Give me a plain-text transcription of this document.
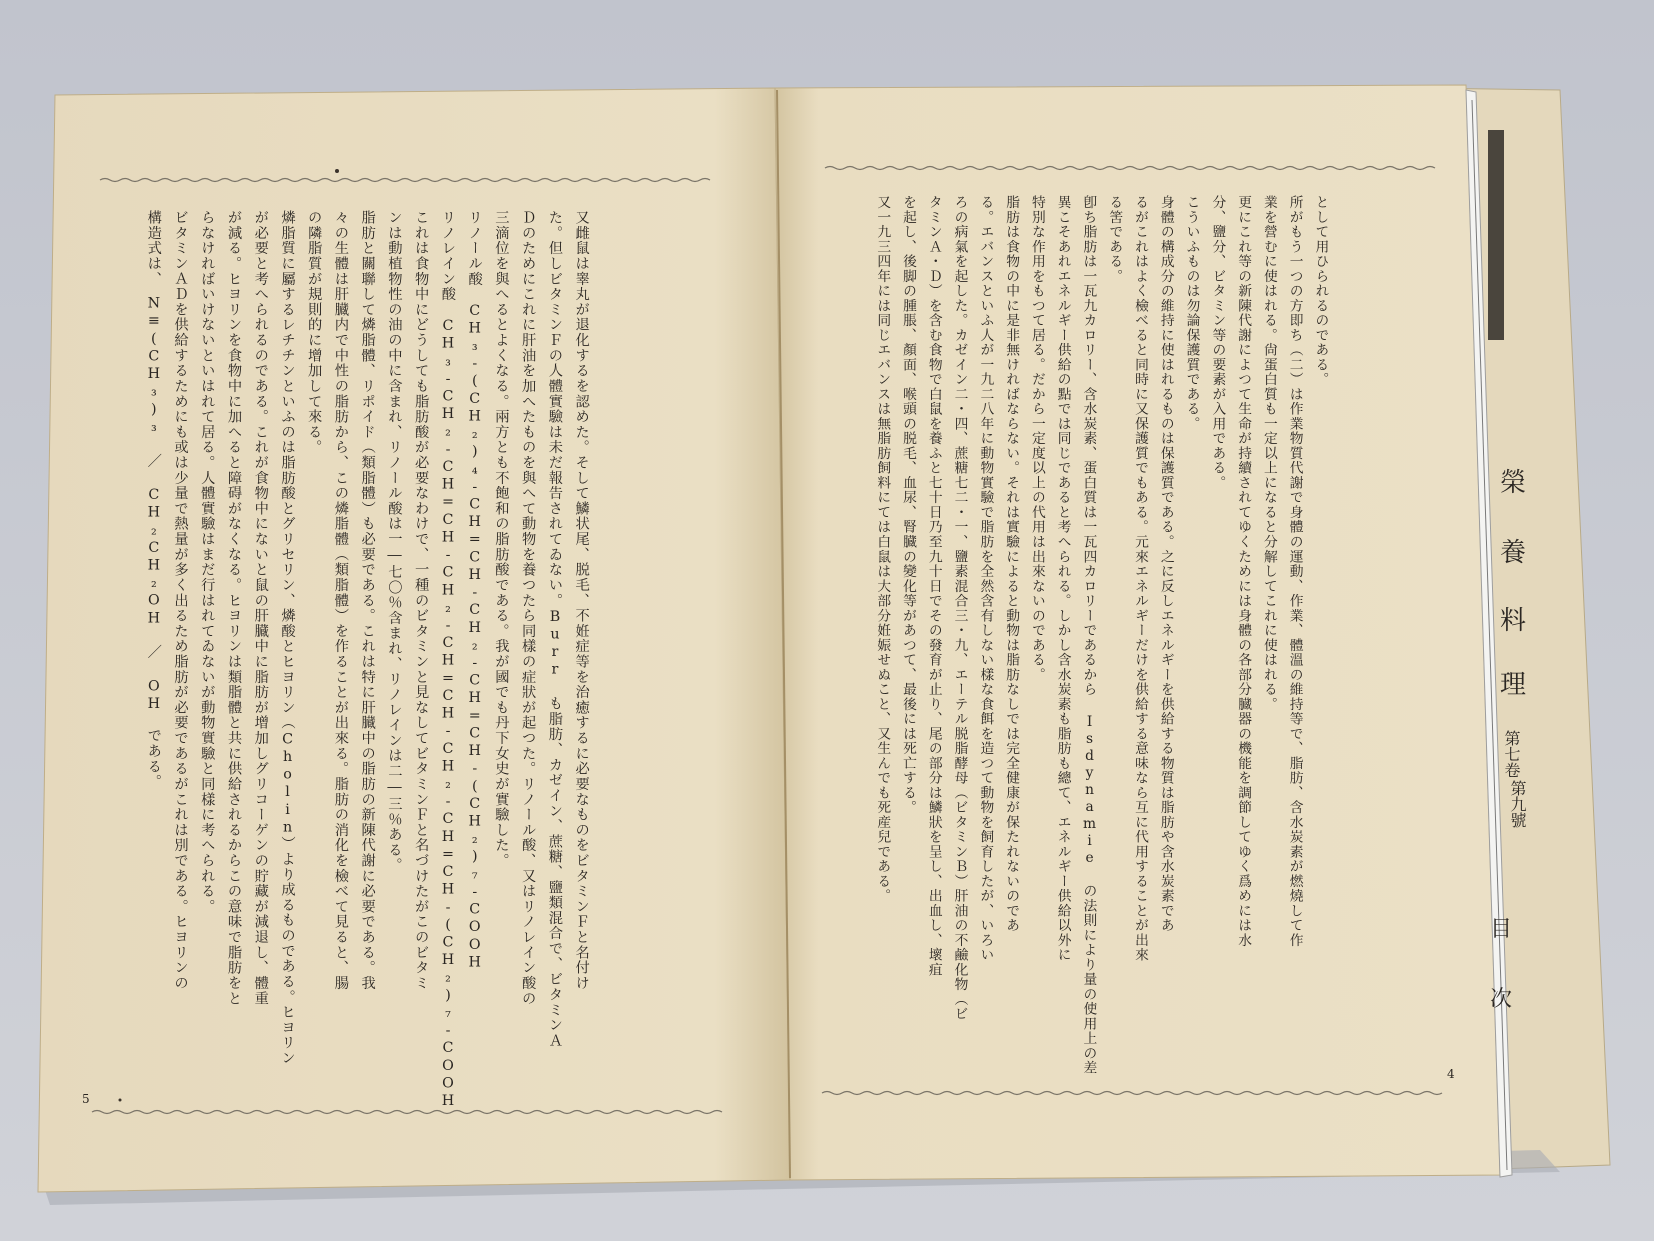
又雌鼠は睾丸が退化するを認めた。そして鱗状尾、脱毛、不姙症等を治癒するに必要なものをビタミンＦと名付け
た。但しビタミンＦの人體實驗は未だ報告されてゐない。Burr も脂肪、カゼイン、蔗糖、鹽類混合で、ビタミンＡ
Ｄのためにこれに肝油を加へたものを與へて動物を養つたら同樣の症狀が起つた。リノール酸、又はリノレイン酸の
三滴位を與へるとよくなる。兩方とも不飽和の脂肪酸である。我が國でも丹下女史が實驗した。
リノール酸　CH₃-(CH₂)₄-CH=CH-CH₂-CH=CH-(CH₂)₇-COOH
リノレイン酸　CH₃-CH₂-CH=CH-CH₂-CH=CH-CH₂-CH=CH-(CH₂)₇-COOH
これは食物中にどうしても脂肪酸が必要なわけで、一種のビタミンと見なしてビタミンＦと名づけたがこのビタミ
ンは動植物性の油の中に含まれ、リノール酸は一―七〇％含まれ、リノレインは二―三％ある。
脂肪と關聯して燐脂體、リポイド（類脂體）も必要である。これは特に肝臓中の脂肪の新陳代謝に必要である。我
々の生體は肝臓内で中性の脂肪から、この燐脂體（類脂體）を作ることが出來る。脂肪の消化を檢べて見ると、腸
の隣脂質が規則的に增加して來る。
燐脂質に屬するレチチンといふのは脂肪酸とグリセリン、燐酸とヒヨリン（Cholin）より成るものである。ヒヨリン
が必要と考へられるのである。これが食物中にないと鼠の肝臓中に脂肪が增加しグリコーゲンの貯藏が減退し、體重
が減る。ヒヨリンを食物中に加へると障碍がなくなる。ヒヨリンは類脂體と共に供給されるからこの意味で脂肪をと
らなければいけないといはれて居る。人體實驗はまだ行はれてゐないが動物實驗と同樣に考へられる。
ビタミンＡＤを供給するためにも或は少量で熱量が多く出るため脂肪が必要であるがこれは別である。ヒヨリンの
構造式は、　N≡(CH₃)₃ ／ CH₂CH₂OH ／ OH　である。	として用ひられるのである。
所がもう一つの方即ち（二）は作業物質代謝で身體の運動、作業、體溫の維持等で、脂肪、含水炭素が燃燒して作
業を營むに使はれる。尙蛋白質も一定以上になると分解してこれに使はれる。
更にこれ等の新陳代謝によつて生命が持續されてゆくためには身體の各部分臓器の機能を調節してゆく爲めには水
分、鹽分、ビタミン等の要素が入用である。
こういふものは勿論保護質である。
身體の構成分の維持に使はれるものは保護質である。之に反しエネルギーを供給する物質は脂肪や含水炭素であ
るがこれはよく檢べると同時に又保護質でもある。元來エネルギーだけを供給する意味なら互に代用することが出來
る筈である。
卽ち脂肪は一瓦九カロリー、含水炭素、蛋白質は一瓦四カロリーであるから Isdynamie の法則により量の使用上の差
異こそあれエネルギー供給の點では同じであると考へられる。しかし含水炭素も脂肪も總て、エネルギー供給以外に
特別な作用をもつて居る。だから一定度以上の代用は出來ないのである。
脂肪は食物の中に是非無ければならない。それは實驗によると動物は脂肪なしでは完全健康が保たれないのであ
る。エバンスといふ人が一九二八年に動物實驗で脂肪を全然含有しない樣な食餌を造つて動物を飼育したが、いろい
ろの病氣を起した。カゼイン二・四、蔗糖七二・一、鹽素混合三・九、エーテル脱脂酵母（ビタミンＢ）肝油の不鹼化物（ビ
タミンＡ・Ｄ）を含む食物で白鼠を養ふと七十日乃至九十日でその發育が止り、尾の部分は鱗狀を呈し、出血し、壞疽
を起し、後脚の腫脹、顏面、喉頭の脱毛、血尿、腎臓の變化等があつて、最後には死亡する。
又一九三四年には同じエバンスは無脂肪飼料にては白鼠は大部分姙娠せぬこと、又生んでも死産兒である。
5
4
榮
養
料
理
第七卷
第九號
目
次
